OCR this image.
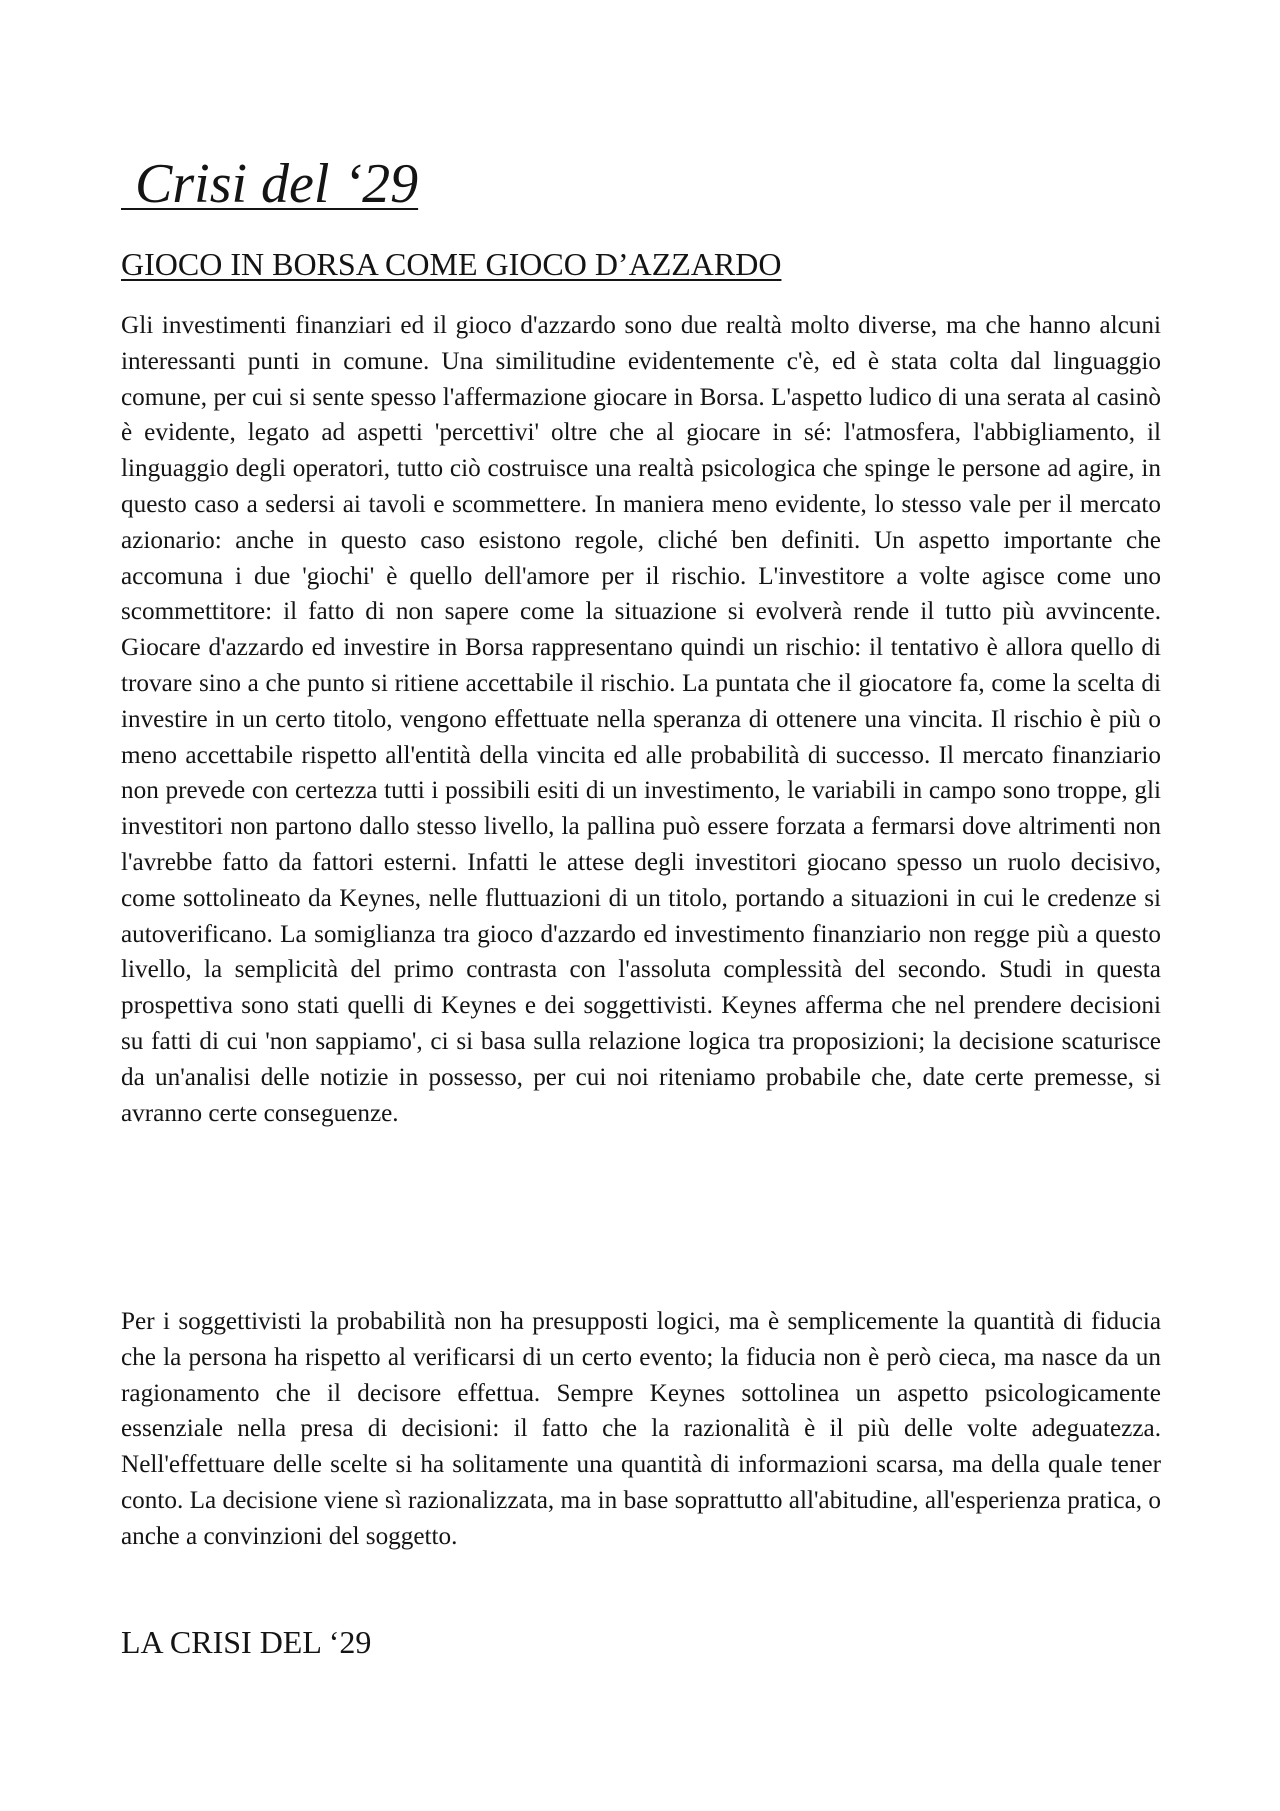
Crisi del ‘29
GIOCO IN BORSA COME GIOCO D’AZZARDO

Gli investimenti finanziari ed il gioco d'azzardo sono due realtà molto diverse, ma che hanno alcuni interessanti punti in comune. Una similitudine evidentemente c'è, ed è stata colta dal linguaggio comune, per cui si sente spesso l'affermazione giocare in Borsa. L'aspetto ludico di una serata al casinò è evidente, legato ad aspetti 'percettivi' oltre che al giocare in sé: l'atmosfera, l'abbigliamento, il linguaggio degli operatori, tutto ciò costruisce una realtà psicologica che spinge le persone ad agire, in questo caso a sedersi ai tavoli e scommettere. In maniera meno evidente, lo stesso vale per il mercato azionario: anche in questo caso esistono regole, cliché ben definiti. Un aspetto importante che accomuna i due 'giochi' è quello dell'amore per il rischio. L'investitore a volte agisce come uno scommettitore: il fatto di non sapere come la situazione si evolverà rende il tutto più avvincente. Giocare d'azzardo ed investire in Borsa rappresentano quindi un rischio: il tentativo è allora quello di trovare sino a che punto si ritiene accettabile il rischio. La puntata che il giocatore fa, come la scelta di investire in un certo titolo, vengono effettuate nella speranza di ottenere una vincita. Il rischio è più o meno accettabile rispetto all'entità della vincita ed alle probabilità di successo. Il mercato finanziario non prevede con certezza tutti i possibili esiti di un investimento, le variabili in campo sono troppe, gli investitori non partono dallo stesso livello, la pallina può essere forzata a fermarsi dove altrimenti non l'avrebbe fatto da fattori esterni. Infatti le attese degli investitori giocano spesso un ruolo decisivo, come sottolineato da Keynes, nelle fluttuazioni di un titolo, portando a situazioni in cui le credenze si autoverificano. La somiglianza tra gioco d'azzardo ed investimento finanziario non regge più a questo livello, la semplicità del primo contrasta con l'assoluta complessità del secondo. Studi in questa prospettiva sono stati quelli di Keynes e dei soggettivisti. Keynes afferma che nel prendere decisioni su fatti di cui 'non sappiamo', ci si basa sulla relazione logica tra proposizioni; la decisione scaturisce da un'analisi delle notizie in possesso, per cui noi riteniamo probabile che, date certe premesse, si avranno certe conseguenze.

Per i soggettivisti la probabilità non ha presupposti logici, ma è semplicemente la quantità di fiducia che la persona ha rispetto al verificarsi di un certo evento; la fiducia non è però cieca, ma nasce da un ragionamento che il decisore effettua. Sempre Keynes sottolinea un aspetto psicologicamente essenziale nella presa di decisioni: il fatto che la razionalità è il più delle volte adeguatezza. Nell'effettuare delle scelte si ha solitamente una quantità di informazioni scarsa, ma della quale tener conto. La decisione viene sì razionalizzata, ma in base soprattutto all'abitudine, all'esperienza pratica, o anche a convinzioni del soggetto.

LA CRISI DEL ‘29
